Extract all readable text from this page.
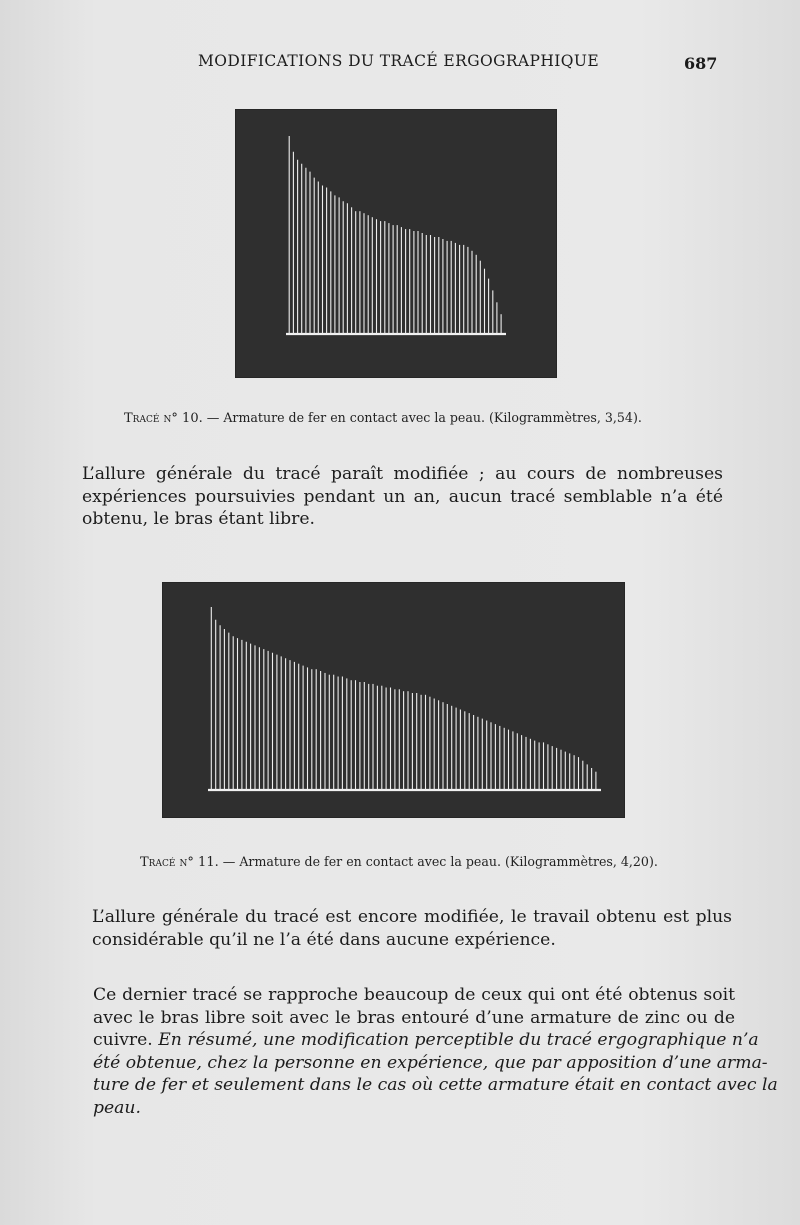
MODIFICATIONS DU TRACÉ ERGOGRAPHIQUE	687
Tracé n° 10. — Armature de fer en contact avec la peau. (Kilogrammètres, 3,54).
L’allure générale du tracé paraît modifiée ; au cours de nombreuses
expériences poursuivies pendant un an, aucun tracé semblable n’a été
obtenu, le bras étant libre.
Tracé n° 11. — Armature de fer en contact avec la peau. (Kilogrammètres, 4,20).
L’allure générale du tracé est encore modifiée, le travail obtenu est plus
considérable qu’il ne l’a été dans aucune expérience.
Ce dernier tracé se rapproche beaucoup de ceux qui ont été obtenus soit
avec le bras libre soit avec le bras entouré d’une armature de zinc ou de
cuivre. En résumé, une modification perceptible du tracé ergographique n’a
été obtenue, chez la personne en expérience, que par apposition d’une arma-
ture de fer et seulement dans le cas où cette armature était en contact avec la
peau.
